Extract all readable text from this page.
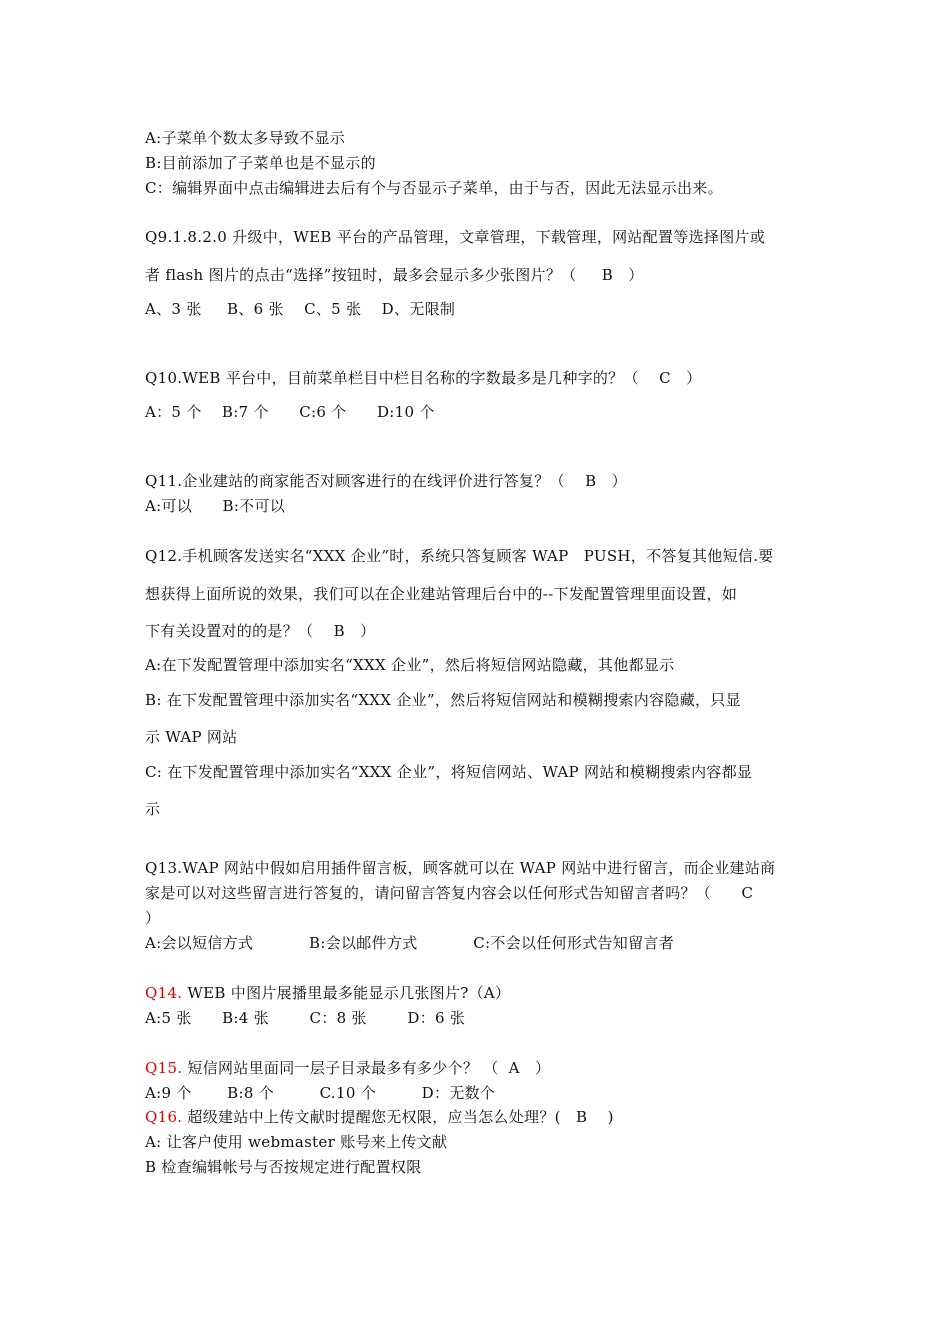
A:子菜单个数太多导致不显示
B:目前添加了子菜单也是不显示的
C：编辑界面中点击编辑进去后有个与否显示子菜单，由于与否，因此无法显示出来。
Q9.1.8.2.0 升级中，WEB 平台的产品管理，文章管理，下载管理，网站配置等选择图片或
者 flash 图片的点击“选择”按钮时，最多会显示多少张图片？（     B   ）
A、3 张     B、6 张    C、5 张    D、无限制
Q10.WEB 平台中，目前菜单栏目中栏目名称的字数最多是几种字的？（    C   ）
A：5 个    B:7 个      C:6 个      D:10 个
Q11.企业建站的商家能否对顾客进行的在线评价进行答复？（    B   ）
A:可以      B:不可以
Q12.手机顾客发送实名“XXX 企业”时，系统只答复顾客 WAP   PUSH，不答复其他短信.要
想获得上面所说的效果，我们可以在企业建站管理后台中的--下发配置管理里面设置，如
下有关设置对的的是？（    B   ）
A:在下发配置管理中添加实名“XXX 企业”，然后将短信网站隐藏，其他都显示
B: 在下发配置管理中添加实名“XXX 企业”，然后将短信网站和模糊搜索内容隐藏，只显
示 WAP 网站
C: 在下发配置管理中添加实名“XXX 企业”，将短信网站、WAP 网站和模糊搜索内容都显
示
Q13.WAP 网站中假如启用插件留言板，顾客就可以在 WAP 网站中进行留言，而企业建站商
家是可以对这些留言进行答复的，请问留言答复内容会以任何形式告知留言者吗？（      C
）
A:会以短信方式           B:会以邮件方式           C:不会以任何形式告知留言者
Q14. WEB 中图片展播里最多能显示几张图片?（A）
A:5 张      B:4 张        C：8 张        D：6 张
Q15. 短信网站里面同一层子目录最多有多少个？ （  A   ）
A:9 个       B:8 个         C.10 个         D：无数个
Q16. 超级建站中上传文献时提醒您无权限，应当怎么处理？(   B    )
A: 让客户使用 webmaster 账号来上传文献
B 检查编辑帐号与否按规定进行配置权限
